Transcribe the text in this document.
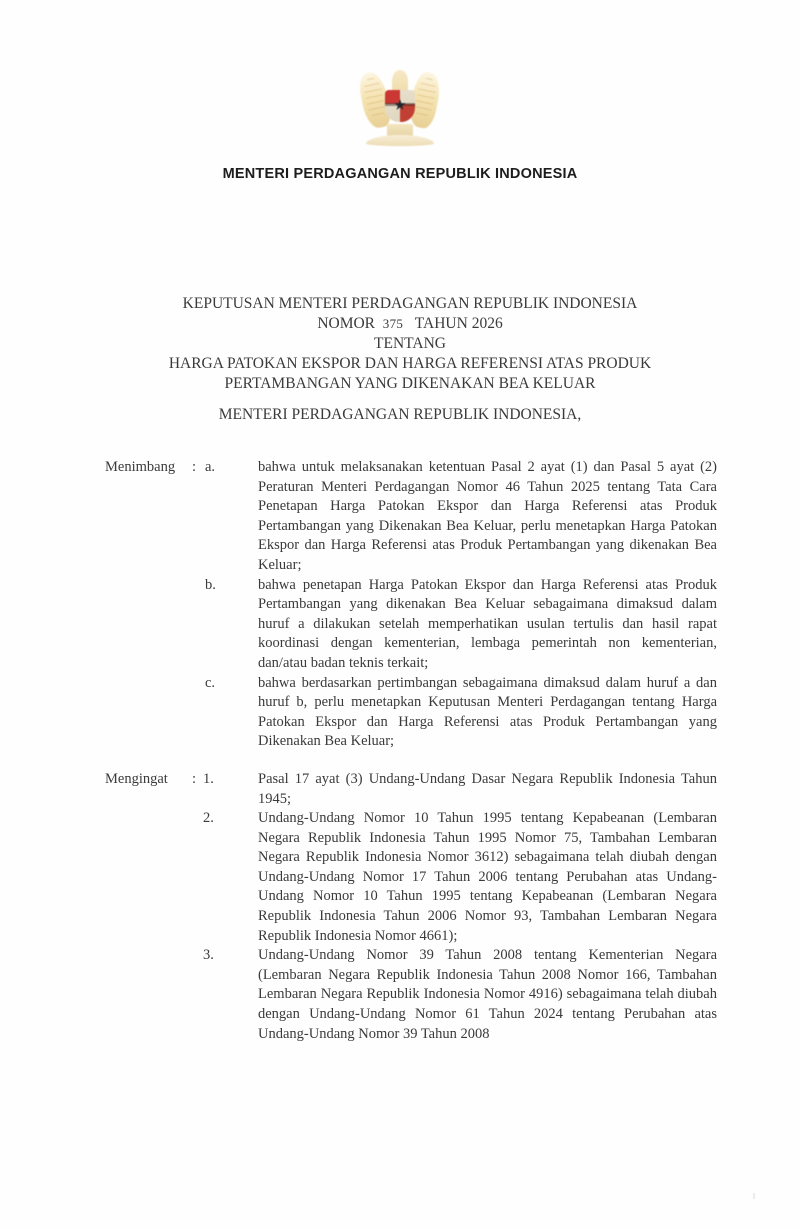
MENTERI PERDAGANGAN REPUBLIK INDONESIA
KEPUTUSAN MENTERI PERDAGANGAN REPUBLIK INDONESIA
NOMOR 375 TAHUN 2026
TENTANG
HARGA PATOKAN EKSPOR DAN HARGA REFERENSI ATAS PRODUK
PERTAMBANGAN YANG DIKENAKAN BEA KELUAR
MENTERI PERDAGANGAN REPUBLIK INDONESIA,
Menimbang	: a.	bahwa untuk melaksanakan ketentuan Pasal 2 ayat (1) dan Pasal 5 ayat (2) Peraturan Menteri Perdagangan Nomor 46 Tahun 2025 tentang Tata Cara Penetapan Harga Patokan Ekspor dan Harga Referensi atas Produk Pertambangan yang Dikenakan Bea Keluar, perlu menetapkan Harga Patokan Ekspor dan Harga Referensi atas Produk Pertambangan yang dikenakan Bea Keluar;
b.	bahwa penetapan Harga Patokan Ekspor dan Harga Referensi atas Produk Pertambangan yang dikenakan Bea Keluar sebagaimana dimaksud dalam huruf a dilakukan setelah memperhatikan usulan tertulis dan hasil rapat koordinasi dengan kementerian, lembaga pemerintah non kementerian, dan/atau badan teknis terkait;
c.	bahwa berdasarkan pertimbangan sebagaimana dimaksud dalam huruf a dan huruf b, perlu menetapkan Keputusan Menteri Perdagangan tentang Harga Patokan Ekspor dan Harga Referensi atas Produk Pertambangan yang Dikenakan Bea Keluar;
Mengingat	: 1.	Pasal 17 ayat (3) Undang-Undang Dasar Negara Republik Indonesia Tahun 1945;
2.	Undang-Undang Nomor 10 Tahun 1995 tentang Kepabeanan (Lembaran Negara Republik Indonesia Tahun 1995 Nomor 75, Tambahan Lembaran Negara Republik Indonesia Nomor 3612) sebagaimana telah diubah dengan Undang-Undang Nomor 17 Tahun 2006 tentang Perubahan atas Undang-Undang Nomor 10 Tahun 1995 tentang Kepabeanan (Lembaran Negara Republik Indonesia Tahun 2006 Nomor 93, Tambahan Lembaran Negara Republik Indonesia Nomor 4661);
3.	Undang-Undang Nomor 39 Tahun 2008 tentang Kementerian Negara (Lembaran Negara Republik Indonesia Tahun 2008 Nomor 166, Tambahan Lembaran Negara Republik Indonesia Nomor 4916) sebagaimana telah diubah dengan Undang-Undang Nomor 61 Tahun 2024 tentang Perubahan atas Undang-Undang Nomor 39 Tahun 2008
